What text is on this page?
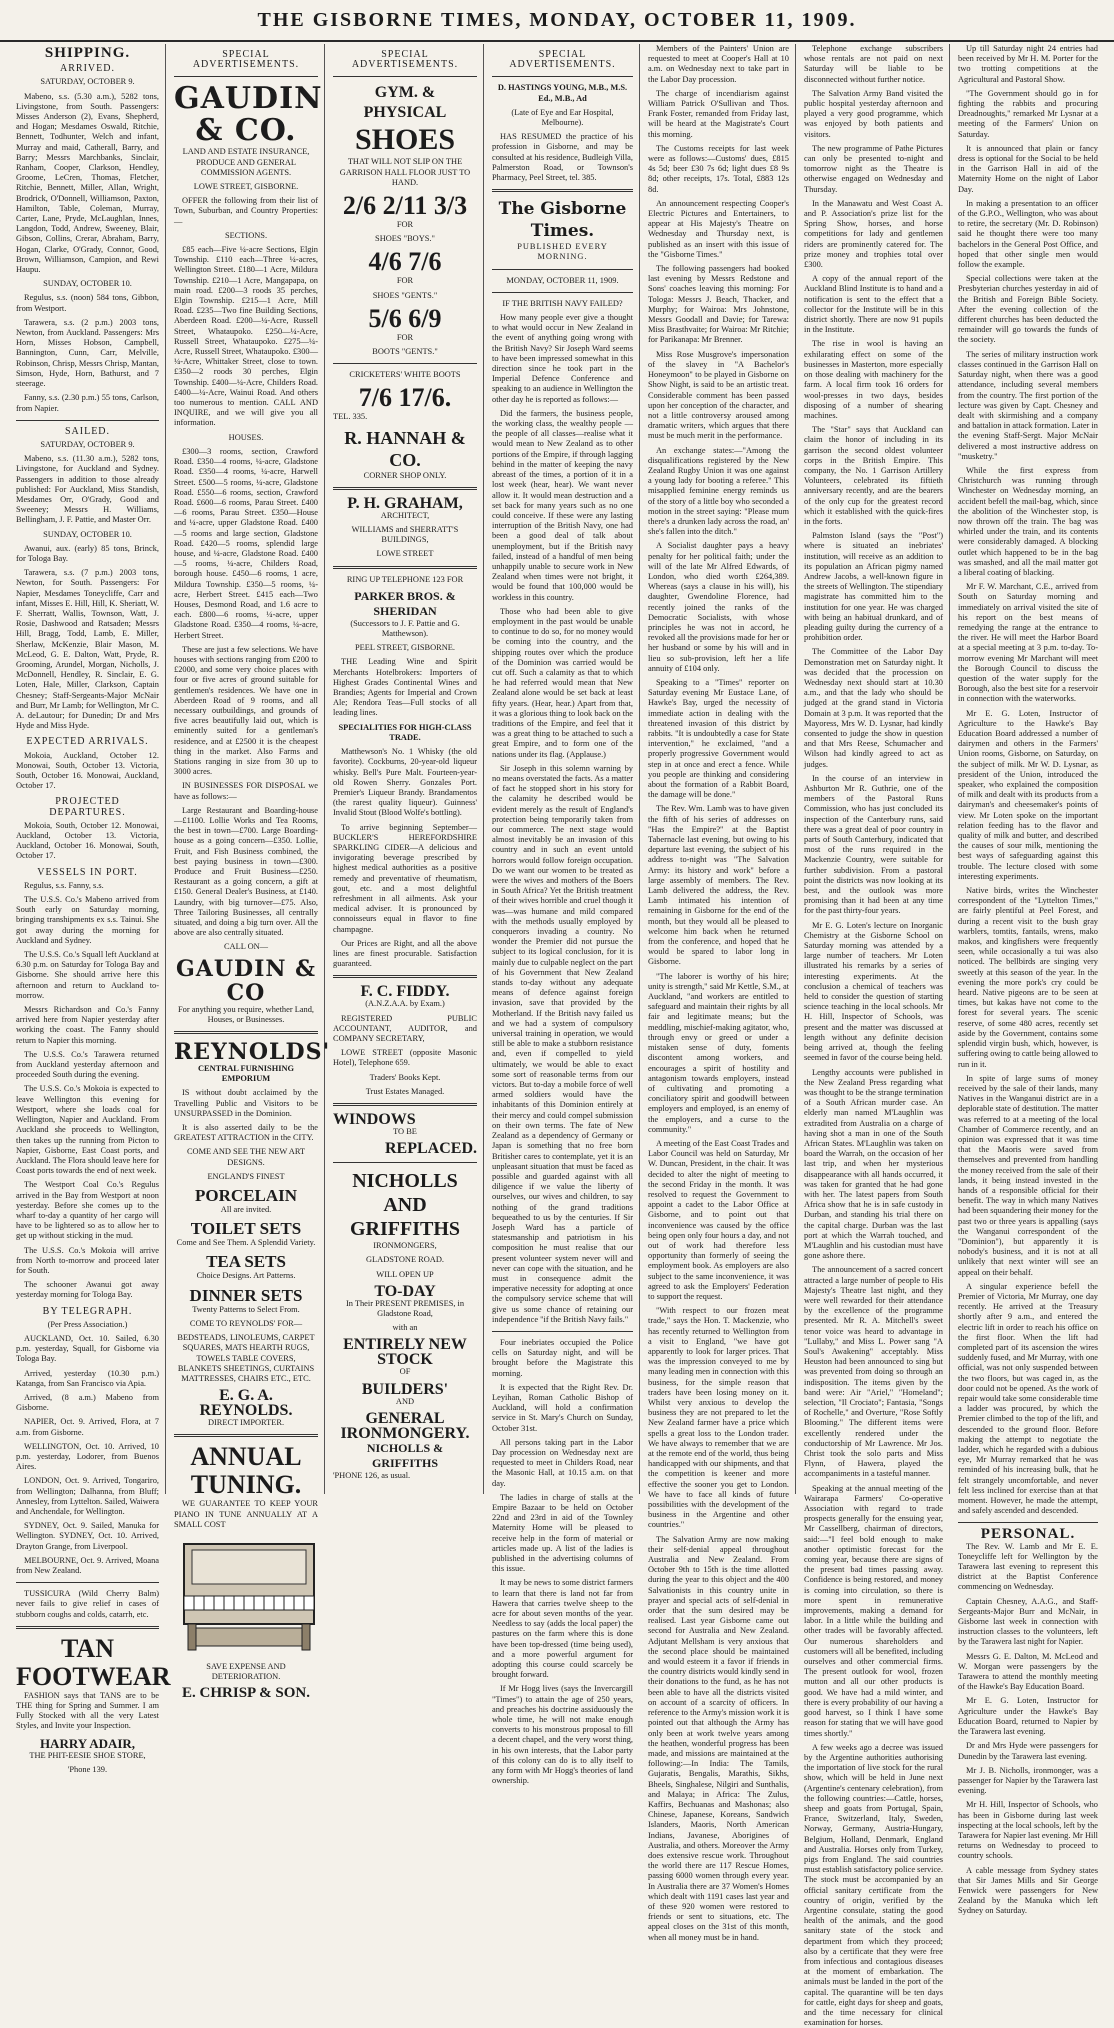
THE GISBORNE TIMES, MONDAY, OCTOBER 11, 1909.
SHIPPING.
ARRIVED.

SATURDAY, OCTOBER 9.

Mabeno, s.s. (5.30 a.m.), 5282 tons, Livingstone, from South. Passengers: Misses Anderson (2), Evans, Shepherd, and Hogan; Mesdames Oswald, Ritchie, Bennett, Todhunter, Welch and infant, Murray and maid, Catherall, Barry, and Barry; Messrs Marchbanks, Sinclair, Ranham, Cooper, Clarkson, Hendley, Groome, LeCren, Thomas, Fletcher, Ritchie, Bennett, Miller, Allan, Wright, Brodrick, O'Donnell, Williamson, Paxton, Hamilton, Table, Coleman, Murray, Carter, Lane, Pryde, McLaughlan, Innes, Langdon, Todd, Andrew, Sweeney, Blair, Gibson, Collins, Crerar, Abraham, Barry, Hogan, Clarke, O'Grady, Connor, Good, Brown, Williamson, Campion, and Rewi Haupu.

SUNDAY, OCTOBER 10.

Regulus, s.s. (noon) 584 tons, Gibbon, from Westport.

Tarawera, s.s. (2 p.m.) 2003 tons, Newton, from Auckland. Passengers: Mrs Horn, Misses Hobson, Campbell, Bannington, Cunn, Carr, Melville, Robinson, Chrisp, Messrs Chrisp, Mantan, Simson, Hyde, Horn, Bathurst, and 7 steerage.

Fanny, s.s. (2.30 p.m.) 55 tons, Carlson, from Napier.

SAILED.

SATURDAY, OCTOBER 9.

Mabeno, s.s. (11.30 a.m.), 5282 tons, Livingstone, for Auckland and Sydney. Passengers in addition to those already published: For Auckland, Miss Standish, Mesdames Orr, O'Grady, Good and Sweeney; Messrs H. Williams, Bellingham, J. F. Pattie, and Master Orr.

SUNDAY, OCTOBER 10.

Awanui, aux. (early) 85 tons, Brinck, for Tologa Bay.

Tarawera, s.s. (7 p.m.) 2003 tons, Newton, for South. Passengers: For Napier, Mesdames Toneycliffe, Carr and infant, Misses E. Hill, Hill, K. Sheriatt, W. F. Sherratt, Wallis, Townson, Watt, J. Rosie, Dashwood and Ratsaden; Messrs Hill, Bragg, Todd, Lamb, E. Miller, Sherlaw, McKenzie, Blair Mason, M. McLeod, G. E. Dalton, Watt, Pryde, R. Grooming, Arundel, Morgan, Nicholls, J. McDonnell, Hendley, R. Sinclair, E. G. Loten, Hale, Miller, Clarkson, Captain Chesney; Staff-Sergeants-Major McNair and Burr, Mr Lamb; for Wellington, Mr C. A. deLautour; for Dunedin; Dr and Mrs Hyde and Miss Hyde.

EXPECTED ARRIVALS.

Mokoia, Auckland, October 12. Monowai, South, October 13. Victoria, South, October 16. Monowai, Auckland, October 17.

PROJECTED DEPARTURES.

Mokoia, South, October 12. Monowai, Auckland, October 13. Victoria, Auckland, October 16. Monowai, South, October 17.

VESSELS IN PORT.

Regulus, s.s. Fanny, s.s.

The U.S.S. Co.'s Mabeno arrived from South early on Saturday morning, bringing transhipments ex s.s. Tainui. She got away during the morning for Auckland and Sydney.

The U.S.S. Co.'s Squall left Auckland at 6.30 p.m. on Saturday for Tologa Bay and Gisborne. She should arrive here this afternoon and return to Auckland to-morrow.

Messrs Richardson and Co.'s Fanny arrived here from Napier yesterday after working the coast. The Fanny should return to Napier this morning.

The U.S.S. Co.'s Tarawera returned from Auckland yesterday afternoon and proceeded South during the evening.

The U.S.S. Co.'s Mokoia is expected to leave Wellington this evening for Westport, where she loads coal for Wellington, Napier and Auckland. From Auckland she proceeds to Wellington, then takes up the running from Picton to Napier, Gisborne, East Coast ports, and Auckland. The Flora should leave here for Coast ports towards the end of next week.

The Westport Coal Co.'s Regulus arrived in the Bay from Westport at noon yesterday. Before she comes up to the wharf to-day a quantity of her cargo will have to be lightered so as to allow her to get up without sticking in the mud.

The U.S.S. Co.'s Mokoia will arrive from North to-morrow and proceed later for South.

The schooner Awanui got away yesterday morning for Tologa Bay.

BY TELEGRAPH.

(Per Press Association.)

AUCKLAND, Oct. 10. Sailed, 6.30 p.m. yesterday, Squall, for Gisborne via Tologa Bay.

Arrived, yesterday (10.30 p.m.) Katanga, from San Francisco via Apia.

Arrived, (8 a.m.) Mabeno from Gisborne.

NAPIER, Oct. 9. Arrived, Flora, at 7 a.m. from Gisborne.

WELLINGTON, Oct. 10. Arrived, 10 p.m. yesterday, Lodorer, from Buenos Aires.

LONDON, Oct. 9. Arrived, Tongariro, from Wellington; Dalhanna, from Bluff; Annesley, from Lyttelton. Sailed, Waiwera and Anchendale, for Wellington.

SYDNEY, Oct. 9. Sailed, Manuka for Wellington. SYDNEY, Oct. 10. Arrived, Drayton Grange, from Liverpool.

MELBOURNE, Oct. 9. Arrived, Moana from New Zealand.

TUSSICURA (Wild Cherry Balm) never fails to give relief in cases of stubborn coughs and colds, catarrh, etc.

TAN FOOTWEAR

FASHION says that TANS are to be THE thing for Spring and Summer. I am Fully Stocked with all the very Latest Styles, and Invite your Inspection.

HARRY ADAIR,

THE PHIT-EESIE SHOE STORE,

'Phone 139.

SPECIAL ADVERTISEMENTS.
GAUDIN & CO.

LAND AND ESTATE INSURANCE, PRODUCE AND GENERAL COMMISSION AGENTS.

LOWE STREET, GISBORNE.

OFFER the following from their list of Town, Suburban, and Country Properties:—

SECTIONS.

£85 each—Five ¼-acre Sections, Elgin Township. £110 each—Three ¼-acres, Wellington Street. £180—1 Acre, Mildura Township. £210—1 Acre, Mangapapa, on main road. £200—3 roods 35 perches, Elgin Township. £215—1 Acre, Mill Road. £235—Two fine Building Sections, Aberdeen Road. £200—¼-Acre, Russell Street, Whataupoko. £250—¼-Acre, Russell Street, Whataupoko. £275—¼-Acre, Russell Street, Whataupoko. £300—¼-Acre, Whittaker Street, close to town. £350—2 roods 30 perches, Elgin Township. £400—¼-Acre, Childers Road. £400—¼-Acre, Wainui Road. And others too numerous to mention. CALL AND INQUIRE, and we will give you all information.

HOUSES.

£300—3 rooms, section, Crawford Road. £350—4 rooms, ¼-acre, Gladstone Road. £350—4 rooms, ¼-acre, Harwell Street. £500—5 rooms, ¼-acre, Gladstone Road. £550—6 rooms, section, Crawford Road. £600—6 rooms, Parau Street. £400—6 rooms, Parau Street. £350—House and ¼-acre, upper Gladstone Road. £400—5 rooms and large section, Gladstone Road. £420—5 rooms, splendid large house, and ¼-acre, Gladstone Road. £400—5 rooms, ¼-acre, Childers Road, borough house. £450—6 rooms, 1 acre, Mildura Township. £350—5 rooms, ¼-acre, Herbert Street. £415 each—Two Houses, Desmond Road, and 1.6 acre to each. £800—6 rooms, ¼-acre, upper Gladstone Road. £350—4 rooms, ¼-acre, Herbert Street.

These are just a few selections. We have houses with sections ranging from £200 to £2000, and some very choice places with four or five acres of ground suitable for gentlemen's residences. We have one in Aberdeen Road of 9 rooms, and all necessary outbuildings, and grounds of five acres beautifully laid out, which is eminently suited for a gentleman's residence, and at £2500 it is the cheapest thing in the market. Also Farms and Stations ranging in size from 30 up to 3000 acres.

IN BUSINESSES FOR DISPOSAL we have as follows:—

Large Restaurant and Boarding-house —£1100. Lollie Works and Tea Rooms, the best in town—£700. Large Boarding-house as a going concern—£350. Lollie, Fruit, and Fish Business combined, the best paying business in town—£300. Produce and Fruit Business—£250. Restaurant as a going concern, a gift at £150. General Dealer's Business, at £140. Laundry, with big turnover—£75. Also, Three Tailoring Businesses, all centrally situated, and doing a big turn over. All the above are also centrally situated.

CALL ON—

GAUDIN & CO

For anything you require, whether Land, Houses, or Businesses.

REYNOLDS'

CENTRAL FURNISHING EMPORIUM

IS without doubt acclaimed by the Travelling Public and Visitors to be UNSURPASSED in the Dominion.

It is also asserted daily to be the GREATEST ATTRACTION in the CITY.

COME AND SEE THE NEW ART DESIGNS.

ENGLAND'S FINEST

PORCELAIN

All are invited.

TOILET SETS

Come and See Them. A Splendid Variety.

TEA SETS

Choice Designs. Art Patterns.

DINNER SETS

Twenty Patterns to Select From.

COME TO REYNOLDS' FOR—

BEDSTEADS, LINOLEUMS, CARPET SQUARES, MATS HEARTH RUGS, TOWELS TABLE COVERS, BLANKETS SHEETINGS, CURTAINS MATTRESSES, CHAIRS ETC., ETC.

E. G. A. REYNOLDS.

DIRECT IMPORTER.

ANNUAL TUNING.

WE GUARANTEE TO KEEP YOUR PIANO IN TUNE ANNUALLY AT A SMALL COST

SAVE EXPENSE AND DETERIORATION.

E. CHRISP & SON.
SPECIAL ADVERTISEMENTS.
GYM. & PHYSICAL
SHOES

THAT WILL NOT SLIP ON THE GARRISON HALL FLOOR JUST TO HAND.

2/6 2/11 3/3

FOR

SHOES "BOYS."

4/6 7/6

FOR

SHOES "GENTS."

5/6 6/9

FOR

BOOTS "GENTS."

CRICKETERS' WHITE BOOTS

7/6 17/6.

TEL. 335.

R. HANNAH & CO.

CORNER SHOP ONLY.

P. H. GRAHAM,

ARCHITECT,

WILLIAMS and SHERRATT'S BUILDINGS,

LOWE STREET

RING UP TELEPHONE 123 FOR

PARKER BROS. & SHERIDAN

(Successors to J. F. Pattie and G. Matthewson).

PEEL STREET, GISBORNE.

THE Leading Wine and Spirit Merchants Hotelbrokers: Importers of Highest Grades Continental Wines and Brandies; Agents for Imperial and Crown Ale; Rendora Teas—Full stocks of all leading lines.

SPECIALITIES FOR HIGH-CLASS TRADE.

Matthewson's No. 1 Whisky (the old favorite). Cockburns, 20-year-old liqueur whisky. Bell's Pure Malt. Fourteen-year-old Rowen Sherry. Gonzales Port. Premier's Liqueur Brandy. Brandamentos (the rarest quality liqueur). Guinness' Invalid Stout (Blood Wolfe's bottling).

To arrive beginning September—BUCKLER'S HEREFORDSHIRE SPARKLING CIDER—A delicious and invigorating beverage prescribed by highest medical authorities as a positive remedy and preventative of rheumatism, gout, etc. and a most delightful refreshment in all ailments. Ask your medical adviser. It is pronounced by connoisseurs equal in flavor to fine champagne.

Our Prices are Right, and all the above lines are finest procurable. Satisfaction guaranteed.

F. C. FIDDY.

(A.N.Z.A.A. by Exam.)

REGISTERED PUBLIC ACCOUNTANT, AUDITOR, and COMPANY SECRETARY,

LOWE STREET (opposite Masonic Hotel), Telephone 659.

Traders' Books Kept.

Trust Estates Managed.

WINDOWS

TO BE

REPLACED.
NICHOLLS AND GRIFFITHS

IRONMONGERS,

GLADSTONE ROAD.

WILL OPEN UP

TO-DAY

In Their PRESENT PREMISES, in Gladstone Road,

with an

ENTIRELY NEW
STOCK

OF

BUILDERS'

AND

GENERAL
IRONMONGERY.
NICHOLLS & GRIFFITHS

'PHONE 126, as usual.

SPECIAL ADVERTISEMENTS.

D. HASTINGS YOUNG, M.B., M.S. Ed., M.B., Ad

(Late of Eye and Ear Hospital, Melbourne).

HAS RESUMED the practice of his profession in Gisborne, and may be consulted at his residence, Budleigh Villa, Palmerston Road, or Townson's Pharmacy, Peel Street, tel. 385.

The Gisborne Times.

PUBLISHED EVERY MORNING.

MONDAY, OCTOBER 11, 1909.

IF THE BRITISH NAVY FAILED?

How many people ever give a thought to what would occur in New Zealand in the event of anything going wrong with the British Navy? Sir Joseph Ward seems to have been impressed somewhat in this direction since he took part in the Imperial Defence Conference and speaking to an audience in Wellington the other day he is reported as follows:—

Did the farmers, the business people, the working class, the wealthy people —the people of all classes—realise what it would mean to New Zealand as to other portions of the Empire, if through lagging behind in the matter of keeping the navy abreast of the times, a portion of it in a lost week (hear, hear). We want never allow it. It would mean destruction and a set back for many years such as no one could conceive. If these were any lasting interruption of the British Navy, one had been a good deal of talk about unemployment, but if the British navy failed, instead of a handful of men being unhappily unable to secure work in New Zealand when times were not bright, it would be found that 100,000 would be workless in this country.

Those who had been able to give employment in the past would be unable to continue to do so, for no money would be coming into the country, and the shipping routes over which the produce of the Dominion was carried would be cut off. Such a calamity as that to which he had referred would mean that New Zealand alone would be set back at least fifty years. (Hear, hear.) Apart from that, it was a glorious thing to look back on the traditions of the Empire, and feel that it was a great thing to be attached to such a great Empire, and to form one of the nations under its flag. (Applause.)

Sir Joseph in this solemn warning by no means overstated the facts. As a matter of fact he stopped short in his story for the calamity he described would be evident merely as the result of England's protection being temporarily taken from our commerce. The next stage would almost inevitably be an invasion of this country and in such an event untold horrors would follow foreign occupation. Do we want our women to be treated as were the wives and mothers of the Boers in South Africa? Yet the British treatment of their wives horrible and cruel though it was—was humane and mild compared with the methods usually employed by conquerors invading a country. No wonder the Premier did not pursue the subject to its logical conclusion, for it is mainly due to culpable neglect on the part of his Government that New Zealand stands to-day without any adequate means of defence against foreign invasion, save that provided by the Motherland. If the British navy failed us and we had a system of compulsory universal training in operation, we would still be able to make a stubborn resistance and, even if compelled to yield ultimately, we would be able to exact some sort of reasonable terms from our victors. But to-day a mobile force of well armed soldiers would have the inhabitants of this Dominion entirely at their mercy and could compel submission on their own terms. The fate of New Zealand as a dependency of Germany or Japan is something that no free born Britisher cares to contemplate, yet it is an unpleasant situation that must be faced as possible and guarded against with all diligence if we value the liberty of ourselves, our wives and children, to say nothing of the grand traditions bequeathed to us by the centuries. If Sir Joseph Ward has a particle of statesmanship and patriotism in his composition he must realise that our present volunteer system never will and never can cope with the situation, and he must in consequence admit the imperative necessity for adopting at once the compulsory service scheme that will give us some chance of retaining our independence "if the British Navy fails."

Four inebriates occupied the Police cells on Saturday night, and will be brought before the Magistrate this morning.

It is expected that the Right Rev. Dr. Leyihan, Roman Catholic Bishop of Auckland, will hold a confirmation service in St. Mary's Church on Sunday, October 31st.

All persons taking part in the Labor Day procession on Wednesday next are requested to meet in Childers Road, near the Masonic Hall, at 10.15 a.m. on that day.

The ladies in charge of stalls at the Empire Bazaar to be held on October 22nd and 23rd in aid of the Townley Maternity Home will be pleased to receive help in the form of material or articles made up. A list of the ladies is published in the advertising columns of this issue.

It may be news to some district farmers to learn that there is land not far from Hawera that carries twelve sheep to the acre for about seven months of the year. Needless to say (adds the local paper) the pastures on the farm where this is done have been top-dressed (time being used), and a more powerful argument for adopting this course could scarcely be brought forward.

If Mr Hogg lives (says the Invercargill "Times") to attain the age of 250 years, and preaches his doctrine assiduously the whole time, he will not make enough converts to his monstrous proposal to fill a decent chapel, and the very worst thing, in his own interests, that the Labor party of this colony can do is to ally itself to any form with Mr Hogg's theories of land ownership.

Members of the Painters' Union are requested to meet at Cooper's Hall at 10 a.m. on Wednesday next to take part in the Labor Day procession.

The charge of incendiarism against William Patrick O'Sullivan and Thos. Frank Foster, remanded from Friday last, will be heard at the Magistrate's Court this morning.

The Customs receipts for last week were as follows:—Customs' dues, £815 4s 5d; beer £30 7s 6d; light dues £8 9s 8d; other receipts, 17s. Total, £883 12s 8d.

An announcement respecting Cooper's Electric Pictures and Entertainers, to appear at His Majesty's Theatre on Wednesday and Thursday next, is published as an insert with this issue of the "Gisborne Times."

The following passengers had booked last evening by Messrs Redstone and Sons' coaches leaving this morning: For Tologa: Messrs J. Beach, Thacker, and Murphy; for Wairoa: Mrs Johnstone, Messrs Goodall and Davie; for Tarewa: Miss Brasthvaite; for Wairoa: Mr Ritchie; for Parikanapa: Mr Brenner.

Miss Rose Musgrove's impersonation of the slavey in "A Bachelor's Honeymoon" to be played in Gisborne on Show Night, is said to be an artistic treat. Considerable comment has been passed upon her conception of the character, and not a little controversy aroused among dramatic writers, which argues that there must be much merit in the performance.

An exchange states:—"Among the disqualifications registered by the New Zealand Rugby Union it was one against a young lady for booting a referee." This misapplied feminine energy reminds us of the story of a little boy who seconded a motion in the street saying: "Please mum there's a drunken lady across the road, an' she's fallen into the ditch."

A Socialist daughter pays a heavy penalty for her political faith; under the will of the late Mr Alfred Edwards, of London, who died worth £264,389. Whereas (says a clause in his will), his daughter, Gwendoline Florence, had recently joined the ranks of the Democratic Socialists, with whose principles he was not in accord, he revoked all the provisions made for her or her husband or some by his will and in lieu so sub-provision, left her a life annuity of £104 only.

Speaking to a "Times" reporter on Saturday evening Mr Eustace Lane, of Hawke's Bay, urged the necessity of immediate action in dealing with the threatened invasion of this district by rabbits. "It is undoubtedly a case for State intervention," he exclaimed, "and a properly progressive Government would step in at once and erect a fence. While you people are thinking and considering about the formation of a Rabbit Board, the damage will be done."

The Rev. Wm. Lamb was to have given the fifth of his series of addresses on "Has the Empire?" at the Baptist Tabernacle last evening, but owing to his departure last evening, the subject of his address to-night was "The Salvation Army: its history and work" before a large assembly of members. The Rev. Lamb delivered the address, the Rev. Lamb intimated his intention of remaining in Gisborne for the end of the month, but they would all be pleased to welcome him back when he returned from the conference, and hoped that he would be spared to labor long in Gisborne.

"The laborer is worthy of his hire; unity is strength," said Mr Kettle, S.M., at Auckland, "and workers are entitled to safeguard and maintain their rights by all fair and legitimate means; but the meddling, mischief-making agitator, who, through envy or greed or under a mistaken sense of duty, foments discontent among workers, and encourages a spirit of hostility and antagonism towards employers, instead of cultivating and promoting a conciliatory spirit and goodwill between employers and employed, is an enemy of the employers, and a curse to the community."

A meeting of the East Coast Trades and Labor Council was held on Saturday, Mr W. Duncan, President, in the chair. It was decided to alter the night of meeting to the second Friday in the month. It was resolved to request the Government to appoint a cadet to the Labor Office at Gisborne, and to point out that inconvenience was caused by the office being open only four hours a day, and not out of work had therefore less opportunity than formerly of seeing the employment book. As employers are also subject to the same inconvenience, it was agreed to ask the Employers' Federation to support the request.

"With respect to our frozen meat trade," says the Hon. T. Mackenzie, who has recently returned to Wellington from a visit to England, "we have got apparently to look for larger prices. That was the impression conveyed to me by many leading men in connection with this business, for the simple reason that traders have been losing money on it. Whilst very anxious to develop the business they are not prepared to let the New Zealand farmer have a price which spells a great loss to the London trader. We have always to remember that we are at the remote end of the world, thus being handicapped with our shipments, and that the competition is keener and more effective the sooner you get to London. We have to face all kinds of future possibilities with the development of the business in the Argentine and other countries."

The Salvation Army are now making their self-denial appeal throughout Australia and New Zealand. From October 9th to 15th is the time allotted during the year to this object and the 400 Salvationists in this country unite in prayer and special acts of self-denial in order that the sum desired may be realised. Last year Gisborne came out second for Australia and New Zealand. Adjutant Mellsham is very anxious that the second place should be maintained and would esteem it a favor if friends in the country districts would kindly send in their donations to the fund, as he has not been able to have all the districts visited on account of a scarcity of officers. In reference to the Army's mission work it is pointed out that although the Army has only been at work twelve years among the heathen, wonderful progress has been made, and missions are maintained at the following:—In India: The Tamils, Gujaratis, Bengalis, Marathis, Sikhs, Bheels, Singhalese, Nilgiri and Sunthalis, and Malaya; in Africa: The Zulus, Kaffirs, Bechuanas and Mashonas; also Chinese, Japanese, Koreans, Sandwich Islanders, Maoris, North American Indians, Javanese, Aborigines of Australia, and others. Moreover the Army does extensive rescue work. Throughout the world there are 117 Rescue Homes, passing 6000 women through every year. In Australia there are 37 Women's Homes which dealt with 1191 cases last year and of these 920 women were restored to friends or sent to situations, etc. The appeal closes on the 31st of this month, when all money must be in hand.

Telephone exchange subscribers whose rentals are not paid on next Saturday will be liable to be disconnected without further notice.

The Salvation Army Band visited the public hospital yesterday afternoon and played a very good programme, which was enjoyed by both patients and visitors.

The new programme of Pathe Pictures can only be presented to-night and tomorrow night as the Theatre is otherwise engaged on Wednesday and Thursday.

In the Manawatu and West Coast A. and P. Association's prize list for the Spring Show, horses, and horse competitions for lady and gentlemen riders are prominently catered for. The prize money and trophies total over £300.

A copy of the annual report of the Auckland Blind Institute is to hand and a notification is sent to the effect that a collector for the Institute will be in this district shortly. There are now 91 pupils in the Institute.

The rise in wool is having an exhilarating effect on some of the businesses in Masterton, more especially on those dealing with machinery for the farm. A local firm took 16 orders for wool-presses in two days, besides disposing of a number of shearing machines.

The "Star" says that Auckland can claim the honor of including in its garrison the second oldest volunteer corps in the British Empire. This company, the No. 1 Garrison Artillery Volunteers, celebrated its fiftieth anniversary recently, and are the bearers of the only cup for the greatest record which it established with the quick-fires in the forts.

Palmston Island (says the "Post") where is situated an inebriates' institution, will receive as an addition to its population an African pigmy named Andrew Jacobs, a well-known figure in the streets of Wellington. The stipendiary magistrate has committed him to the institution for one year. He was charged with being an habitual drunkard, and of pleading guilty during the currency of a prohibition order.

The Committee of the Labor Day Demonstration met on Saturday night. It was decided that the procession on Wednesday next should start at 10.30 a.m., and that the lady who should be judged at the grand stand in Victoria Domain at 3 p.m. It was reported that the Mayoress, Mrs W. D. Lysnar, had kindly consented to judge the show in question and that Mrs Reese, Schumacher and Wilson had kindly agreed to act as judges.

In the course of an interview in Ashburton Mr R. Guthrie, one of the members of the Pastoral Runs Commission, who has just concluded its inspection of the Canterbury runs, said there was a great deal of poor country in parts of South Canterbury, indicated that most of the runs required in the Mackenzie Country, were suitable for further subdivision. From a pastoral point the districts was now looking at its best, and the outlook was more promising than it had been at any time for the past thirty-four years.

Mr E. G. Loten's lecture on Inorganic Chemistry at the Gisborne School on Saturday morning was attended by a large number of teachers. Mr Loten illustrated his remarks by a series of interesting experiments. At the conclusion a chemical of teachers was held to consider the question of starting science teaching in the local schools. Mr H. Hill, Inspector of Schools, was present and the matter was discussed at length without any definite decision being arrived at, though the feeling seemed in favor of the course being held.

Lengthy accounts were published in the New Zealand Press regarding what was thought to be the strange termination of a South African murder case. An elderly man named M'Laughlin was extradited from Australia on a charge of having shot a man in one of the South African States. M'Laughlin was taken on board the Warrah, on the occasion of her last trip, and when her mysterious disappearance with all hands occurred, it was taken for granted that he had gone with her. The latest papers from South Africa show that he is in safe custody in Durban, and standing his trial there on the capital charge. Durban was the last port at which the Warrah touched, and M'Laughlin and his custodian must have gone ashore there.

The announcement of a sacred concert attracted a large number of people to His Majesty's Theatre last night, and they were well rewarded for their attendance by the excellence of the programme presented. Mr R. A. Mitchell's sweet tenor voice was heard to advantage in "Lullaby," and Miss L. Power sang "A Soul's Awakening" acceptably. Miss Heuston had been announced to sing but was prevented from doing so through an indisposition. The items given by the band were: Air "Ariel," "Homeland"; selection, "Il Crociato"; Fantasia, "Songs of Rochelle," and Overture, "Rose Softly Blooming." The different items were excellently rendered under the conductorship of Mr Lawrence. Mr Jos. Christ took the solo parts and Miss Flynn, of Hawera, played the accompaniments in a tasteful manner.

Speaking at the annual meeting of the Wairarapa Farmers' Co-operative Association with regard to trade prospects generally for the ensuing year, Mr Cassellberg, chairman of directors, said:—"I feel bold enough to make another optimistic forecast for the coming year, because there are signs of the present bad times passing away. Confidence is being restored, and money is coming into circulation, so there is more spent in remunerative improvements, making a demand for labor. In a little while the building and other trades will be favorably affected. Our numerous shareholders and customers will all be benefited, including ourselves and other commercial firms. The present outlook for wool, frozen mutton and all our other products is good. We have had a mild winter, and there is every probability of our having a good harvest, so I think I have some reason for stating that we will have good times shortly."

A few weeks ago a decree was issued by the Argentine authorities authorising the importation of live stock for the rural show, which will be held in June next (Argentine's centenary celebration), from the following countries:—Cattle, horses, sheep and goats from Portugal, Spain, France, Switzerland, Italy, Sweden, Norway, Germany, Austria-Hungary, Belgium, Holland, Denmark, England and Australia. Horses only from Turkey, pigs from England. The said countries must establish satisfactory police service. The stock must be accompanied by an official sanitary certificate from the country of origin, verified by the Argentine consulate, stating the good health of the animals, and the good sanitary state of the stock and department from which they proceed; also by a certificate that they were free from infectious and contagious diseases at the moment of embarkation. The animals must be landed in the port of the capital. The quarantine will be ten days for cattle, eight days for sheep and goats, and the time necessary for clinical examination for horses.

Up till Saturday night 24 entries had been received by Mr H. M. Porter for the two trotting competitions at the Agricultural and Pastoral Show.

"The Government should go in for fighting the rabbits and procuring Dreadnoughts," remarked Mr Lysnar at a meeting of the Farmers' Union on Saturday.

It is announced that plain or fancy dress is optional for the Social to be held in the Garrison Hall in aid of the Maternity Home on the night of Labor Day.

In making a presentation to an officer of the G.P.O., Wellington, who was about to retire, the secretary (Mr. D. Robinson) said he thought there were too many bachelors in the General Post Office, and hoped that other single men would follow the example.

Special collections were taken at the Presbyterian churches yesterday in aid of the British and Foreign Bible Society. After the evening collection of the different churches has been deducted the remainder will go towards the funds of the society.

The series of military instruction work classes continued in the Garrison Hall on Saturday night, when there was a good attendance, including several members from the country. The first portion of the lecture was given by Capt. Chesney and dealt with skirmishing and a company and battalion in attack formation. Later in the evening Staff-Sergt. Major McNair delivered a most instructive address on "musketry."

While the first express from Christchurch was running through Winchester on Wednesday morning, an accident befell the mail-bag, which, since the abolition of the Winchester stop, is now thrown off the train. The bag was whirled under the train, and its contents were considerably damaged. A blocking outlet which happened to be in the bag was smashed, and all the mail matter got a liberal coating of blacking.

Mr F. W. Marchant, C.E., arrived from South on Saturday morning and immediately on arrival visited the site of his report on the best means of remedying the range at the entrance to the river. He will meet the Harbor Board at a special meeting at 3 p.m. to-day. To-morrow evening Mr Marchant will meet the Borough Council to discuss the question of the water supply for the Borough, also the best site for a reservoir in connection with the waterworks.

Mr E. G. Loten, Instructor of Agriculture to the Hawke's Bay Education Board addressed a number of dairymen and others in the Farmers' Union rooms, Gisborne, on Saturday, on the subject of milk. Mr W. D. Lysnar, as president of the Union, introduced the speaker, who explained the composition of milk and dealt with its products from a dairyman's and cheesemaker's points of view. Mr Loten spoke on the important relation feeding has to the flavor and quality of milk and butter, and described the causes of sour milk, mentioning the best ways of safeguarding against this trouble. The lecture closed with some interesting experiments.

Native birds, writes the Winchester correspondent of the "Lyttelton Times," are fairly plentiful at Peel Forest, and during a recent visit to the bush gray warblers, tomtits, fantails, wrens, mako makos, and kingfishers were frequently seen, while occasionally a tui was also noticed. The bellbirds are singing very sweetly at this season of the year. In the evening the more pork's cry could be heard. Native pigeons are to be seen at times, but kakas have not come to the forest for several years. The scenic reserve, of some 480 acres, recently set aside by the Government, contains some splendid virgin bush, which, however, is suffering owing to cattle being allowed to run in it.

In spite of large sums of money received by the sale of their lands, many Natives in the Wanganui district are in a deplorable state of destitution. The matter was referred to at a meeting of the local Chamber of Commerce recently, and an opinion was expressed that it was time that the Maoris were saved from themselves and prevented from handling the money received from the sale of their lands, it being instead invested in the hands of a responsible official for their benefit. The way in which many Natives had been squandering their money for the past two or three years is appalling (says the Wanganui correspondent of the "Dominion"), but apparently it is nobody's business, and it is not at all unlikely that next winter will see an appeal on their behalf.

A singular experience befell the Premier of Victoria, Mr Murray, one day recently. He arrived at the Treasury shortly after 9 a.m., and entered the electric lift in order to reach his office on the first floor. When the lift had completed part of its ascension the wires suddenly fused, and Mr Murray, with one official, was not only suspended between the two floors, but was caged in, as the door could not be opened. As the work of repair would take some considerable time a ladder was procured, by which the Premier climbed to the top of the lift, and descended to the ground floor. Before making the attempt to negotiate the ladder, which he regarded with a dubious eye, Mr Murray remarked that he was reminded of his increasing bulk, that he felt strangely uncomfortable, and never felt less inclined for exercise than at that moment. However, he made the attempt, and safely ascended and descended.

PERSONAL.

The Rev. W. Lamb and Mr E. E. Toneycliffe left for Wellington by the Tarawera last evening to represent this district at the Baptist Conference commencing on Wednesday.

Captain Chesney, A.A.G., and Staff-Sergeants-Major Burr and McNair, in Gisborne last week in connection with instruction classes to the volunteers, left by the Tarawera last night for Napier.

Messrs G. E. Dalton, M. McLeod and W. Morgan were passengers by the Tarawera to attend the monthly meeting of the Hawke's Bay Education Board.

Mr E. G. Loten, Instructor for Agriculture under the Hawke's Bay Education Board, returned to Napier by the Tarawera last evening.

Dr and Mrs Hyde were passengers for Dunedin by the Tarawera last evening.

Mr J. B. Nicholls, ironmonger, was a passenger for Napier by the Tarawera last evening.

Mr H. Hill, Inspector of Schools, who has been in Gisborne during last week inspecting at the local schools, left by the Tarawera for Napier last evening. Mr Hill returns on Wednesday to proceed to country schools.

A cable message from Sydney states that Sir James Mills and Sir George Fenwick were passengers for New Zealand by the Manuka which left Sydney on Saturday.
